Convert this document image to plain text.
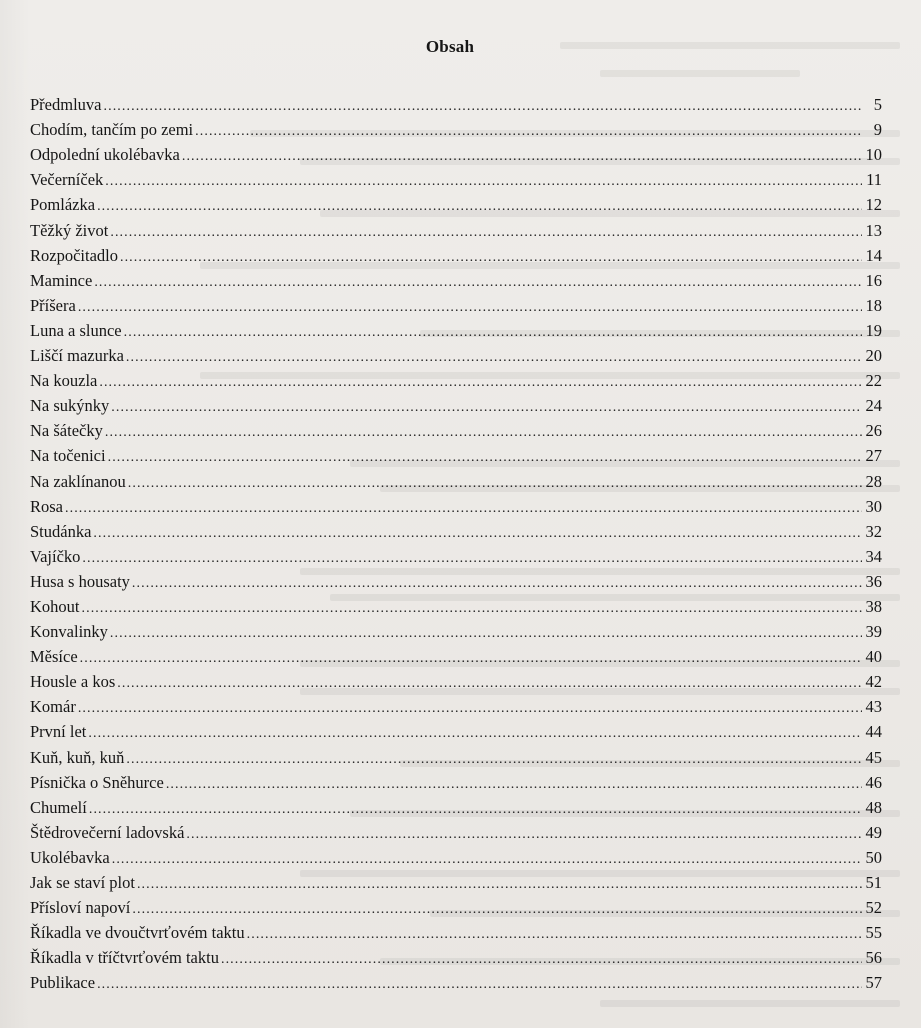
Obsah
Předmluva .....	5
Chodím, tančím po zemi .....	9
Odpolední ukolébavka .....	10
Večerníček .....	11
Pomlázka .....	12
Těžký život .....	13
Rozpočitadlo .....	14
Mamince .....	16
Příšera .....	18
Luna a slunce .....	19
Liščí mazurka .....	20
Na kouzla .....	22
Na sukýnky .....	24
Na šátečky .....	26
Na točenici .....	27
Na zaklínanou .....	28
Rosa .....	30
Studánka .....	32
Vajíčko .....	34
Husa s housaty .....	36
Kohout .....	38
Konvalinky .....	39
Měsíce .....	40
Housle a kos .....	42
Komár .....	43
První let .....	44
Kuň, kuň, kuň .....	45
Písnička o Sněhurce .....	46
Chumelí .....	48
Štědrovečerní ladovská .....	49
Ukolébavka .....	50
Jak se staví plot .....	51
Přísloví napoví .....	52
Říkadla ve dvoučtvrťovém taktu .....	55
Říkadla v tříčtvrťovém taktu .....	56
Publikace .....	57
